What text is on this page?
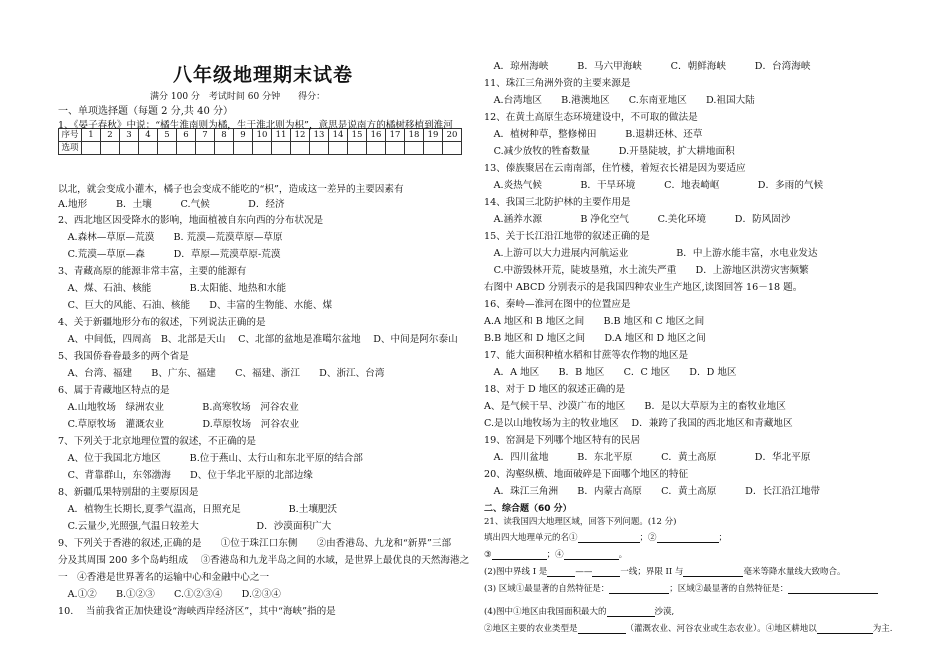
八年级地理期末试卷
满分 100 分　考试时间 60 分钟　　得分：
一、单项选择题（每题 2 分,共 40 分）
序号	1	2	3	4	5	6	7	8	9	10	11	12	13	14	15	16	17	18	19	20
选项																				
1、《晏子春秋》中说：“橘生淮南则为橘，生于淮北则为枳”，意思是说南方的橘树移植到淮河
以北，就会变成小灌木，橘子也会变成不能吃的“枳”，造成这一差异的主要因素有
A.地形　　　B．土壤　　　C.气候　　　　D．经济
2、西北地区因受降水的影响，地面植被自东向西的分布状况是
　A.森林—草原—荒漠　　B. 荒漠—荒漠草原—草原
　C.荒漠—草原—森　　　D．草原—荒漠草原-荒漠
3、青藏高原的能源非常丰富，主要的能源有
　A、煤、石油、核能　　　　B.太阳能、地热和水能
　C、巨大的风能、石油、核能　　D、丰富的生物能、水能、煤
4、关于新疆地形分布的叙述，下列说法正确的是
　A、中间低，四周高　B、北部是天山　 C、北部的盆地是准噶尔盆地　 D、中间是阿尔泰山
5、我国侨眷眷最多的两个省是
　A、台湾、福建　　B、广东、福建　　C、福建、浙江　　D、浙江、台湾
6、属于青藏地区特点的是
　A.山地牧场　绿洲农业　　　　B.高寒牧场　河谷农业
　C.草原牧场　灌溉农业　　　　D.草原牧场　河谷农业
7、下列关于北京地理位置的叙述，不正确的是
　A、位于我国北方地区　　　B.位于燕山、太行山和东北平原的结合部
　C、背靠群山，东邻渤海　　D、位于华北平原的北部边缘
8、新疆瓜果特别甜的主要原因是
　A．植物生长期长,夏季气温高，日照充足　　　　　B.土壤肥沃
　C.云量少,光照强,气温日较差大　　　　　　D．沙漠面积广大
9、下列关于香港的叙述,正确的是　　①位于珠江口东侧　　②由香港岛、九龙和“新界”三部
分及其周围 200 多个岛屿组成　 ③香港岛和九龙半岛之间的水域，是世界上最优良的天然海港之
一　④香港是世界著名的运输中心和金融中心之一
　A.①②　　B.①②③　　C.①②③④　　D.②③④
10.　 当前我省正加快建设“海峡西岸经济区”，其中“海峡”指的是
　A．琼州海峡　　　B．马六甲海峡　　　C．朝鲜海峡　　　D．台湾海峡
11、珠江三角洲外资的主要来源是
　A.台湾地区　　B.港澳地区　　C.东南亚地区　　D.祖国大陆
12、在黄土高原生态环境建设中，不可取的做法是
　A．植树种草，整修梯田　　　B.退耕还林、还草
　C.减少放牧的牲畜数量　　　D.开垦陡坡，扩大耕地面积
13、傣族聚居在云南南部，住竹楼，着短衣长裙是因为要适应
　A.炎热气候　　　　B．干旱环境　　　C．地表崎岖　　　　D．多雨的气候
14、我国三北防护林的主要作用是
　A.涵养水源　　　　B 净化空气　　　C.美化环境　　　D．防风固沙
15、关于长江沿江地带的叙述正确的是
　A.上游可以大力进展内河航运业　　　　　B．中上游水能丰富，水电业发达
　C.中游毁林开荒，陡坡垦殖，水土流失严重　　D．上游地区洪涝灾害频繁
右图中 ABCD 分别表示的是我国四种农业生产地区,读图回答 16－18 题。
16、秦岭—淮河在图中的位置应是
A.A 地区和 B 地区之间　　B.B 地区和 C 地区之间
B.B 地区和 D 地区之间　　D.A 地区和 D 地区之间
17、能大面积种植水稻和甘蔗等农作物的地区是
　A．A 地区　　B．B 地区　　C．C 地区　　D．D 地区
18、对于 D 地区的叙述正确的是
A、是气候干旱、沙漠广布的地区　　B．是以大草原为主的畜牧业地区
C.是以山地牧场为主的牧业地区　 D．兼跨了我国的西北地区和青藏地区
19、窑洞是下列哪个地区特有的民居
　A．四川盆地　　　B．东北平原　　　C．黄土高原　　　　D．华北平原
20、沟壑纵横、地面破碎是下面哪个地区的特征
　A．珠江三角洲　　B．内蒙古高原　　C．黄土高原　　　D．长江沿江地带
二、综合题（60 分）
21、读我国四大地理区域，回答下列问题。(12 分)
填出四大地理单元的名①	；②	；
③	；④	。
(2)图中界线 I 是	——	一线；界限 II 与	毫米等降水量线大致吻合。
(3) 区域①最显著的自然特征是：	；区域②最显著的自然特征是：
(4)图中①地区由我国面积最大的	沙漠,
②地区主要的农业类型是	（灌溉农业、河谷农业或生态农业）。④地区耕地以	为主.
